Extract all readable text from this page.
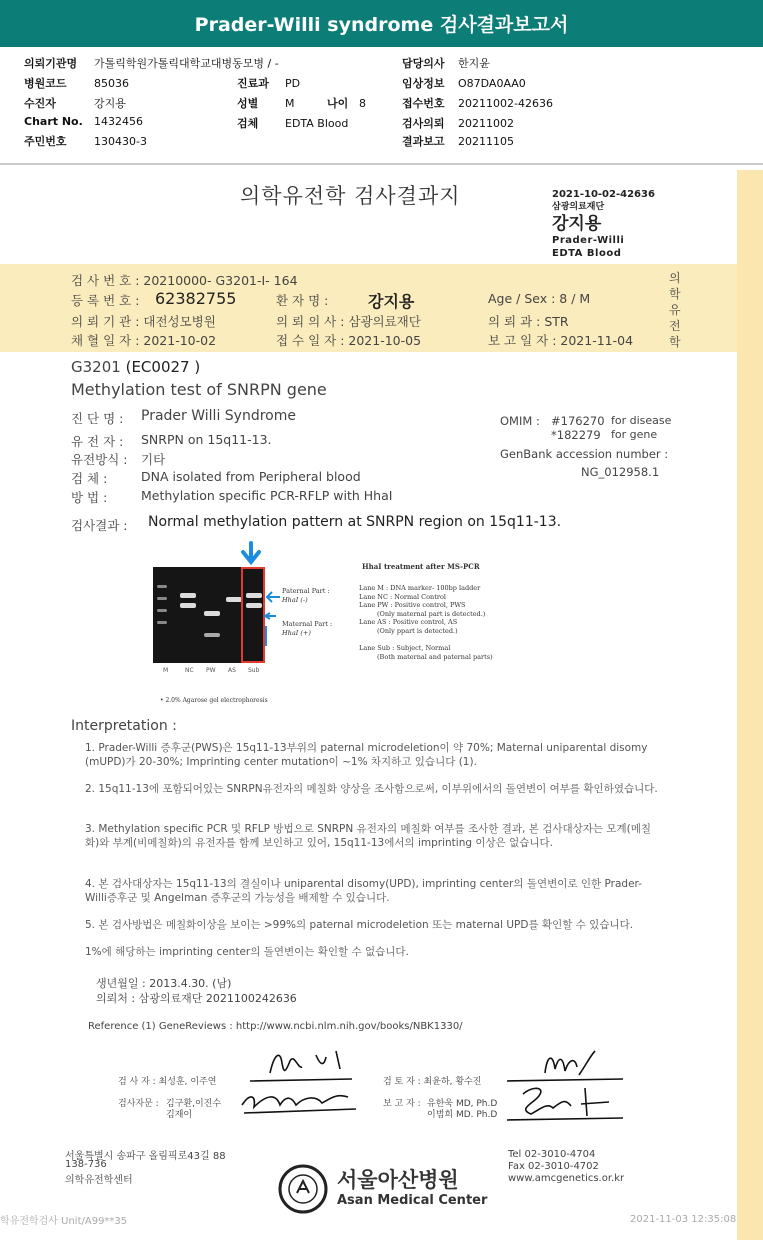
Prader-Willi syndrome 검사결과보고서
의뢰기관명 가톨릭학원가톨릭대학교대병동모병 / -
병원코드 85036
수진자	강지용
Chart No. 1432456
주민번호 130430-3
진료과 PD
성별 M	나이 8
검체 EDTA Blood
담당의사 한지윤
임상정보 O87DA0AA0
접수번호 20211002-42636
검사의뢰 20211002
결과보고 20211105
의학유전학 검사결과지	2021-10-02-42636
삼광의료재단
강지용
Prader-Willi
EDTA Blood
검 사 번 호 : 20210000- G3201-I- 164
등 록 번 호 : 62382755	환 자 명 : 강지용	Age / Sex : 8 / M
의 뢰 기 관 : 대전성모병원	의 뢰 의 사 : 삼광의료재단	의 뢰 과 : STR
채 혈 일 자 : 2021-10-02	접 수 일 자 : 2021-10-05	보 고 일 자 : 2021-11-04
의
학
유
전
학
G3201 (EC0027 )
Methylation test of SNRPN gene
진 단 명 : Prader Willi Syndrome
유 전 자 : SNRPN on 15q11-13.
유전방식 : 기타
검 체 :	DNA isolated from Peripheral blood
방 법 :	Methylation specific PCR-RFLP with HhaI
OMIM : #176270 for disease
*182279 for gene
GenBank accession number :
NG_012958.1
검사결과 : Normal methylation pattern at SNRPN region on 15q11-13.
M	NC PW AS Sub
Paternal Part :
HhaI (-)
Maternal Part :
HhaI (+)
HhaI treatment after MS-PCR
Lane M : DNA marker- 100bp ladder
Lane NC : Normal Control
Lane PW : Positive control, PWS
(Only maternal part is detected.)
Lane AS : Positive control, AS
(Only ppart is detected.)
Lane Sub : Subject, Normal
(Both maternal and paternal parts)
• 2.0% Agarose gel electrophoresis
Interpretation :
1. Prader-Willi 증후군(PWS)은 15q11-13부위의 paternal microdeletion이 약 70%; Maternal uniparental disomy (mUPD)가 20-30%; Imprinting center mutation이 ~1% 차지하고 있습니다 (1).
2. 15q11-13에 포함되어있는 SNRPN유전자의 메칠화 양상을 조사함으로써, 이부위에서의 돌연변이 여부를 확인하였습니다.
3. Methylation specific PCR 및 RFLP 방법으로 SNRPN 유전자의 메칠화 여부를 조사한 결과, 본 검사대상자는 모계(메칠화)와 부계(비메칠화)의 유전자를 함께 보인하고 있어, 15q11-13에서의 imprinting 이상은 없습니다.
4. 본 검사대상자는 15q11-13의 결실이나 uniparental disomy(UPD), imprinting center의 돌연변이로 인한 Prader-Willi증후군 및 Angelman 증후군의 가능성을 배제할 수 있습니다.
5. 본 검사방법은 메칠화이상을 보이는 >99%의 paternal microdeletion 또는 maternal UPD를 확인할 수 있습니다.
1%에 해당하는 imprinting center의 돌연변이는 확인할 수 없습니다.
생년월일 : 2013.4.30. (남)
의뢰처 : 삼광의료재단 2021100242636
Reference (1) GeneReviews : http://www.ncbi.nlm.nih.gov/books/NBK1330/
검 사 자 : 최성훈, 이주연
검사자문 : 김구환,이진수
김재이
검 토 자 : 최윤하, 황수진
보 고 자 : 유한욱 MD, Ph.D
이범희 MD. Ph.D
서울특별시 송파구 올림픽로43길 88
138-736
의학유전학센터
Tel 02-3010-4704
Fax 02-3010-4702
www.amcgenetics.or.kr
서울아산병원
Asan Medical Center
학유전학검사 Unit/A99**35	2021-11-03 12:35:08
